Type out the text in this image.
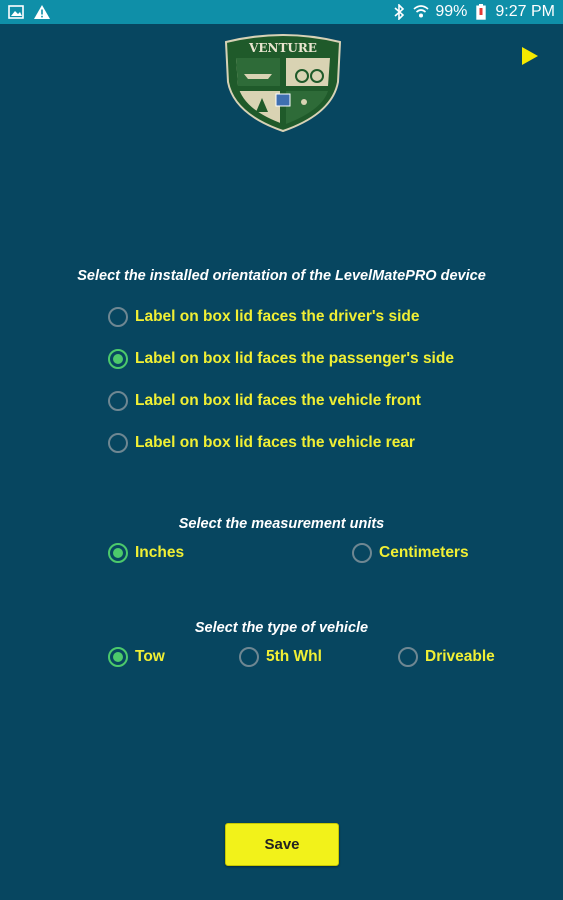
99% 9:27 PM
VENTURE
Select the installed orientation of the LevelMatePRO device
Label on box lid faces the driver's side
Label on box lid faces the passenger's side
Label on box lid faces the vehicle front
Label on box lid faces the vehicle rear
Select the measurement units
Inches	Centimeters
Select the type of vehicle
Tow	5th Whl	Driveable
Save
